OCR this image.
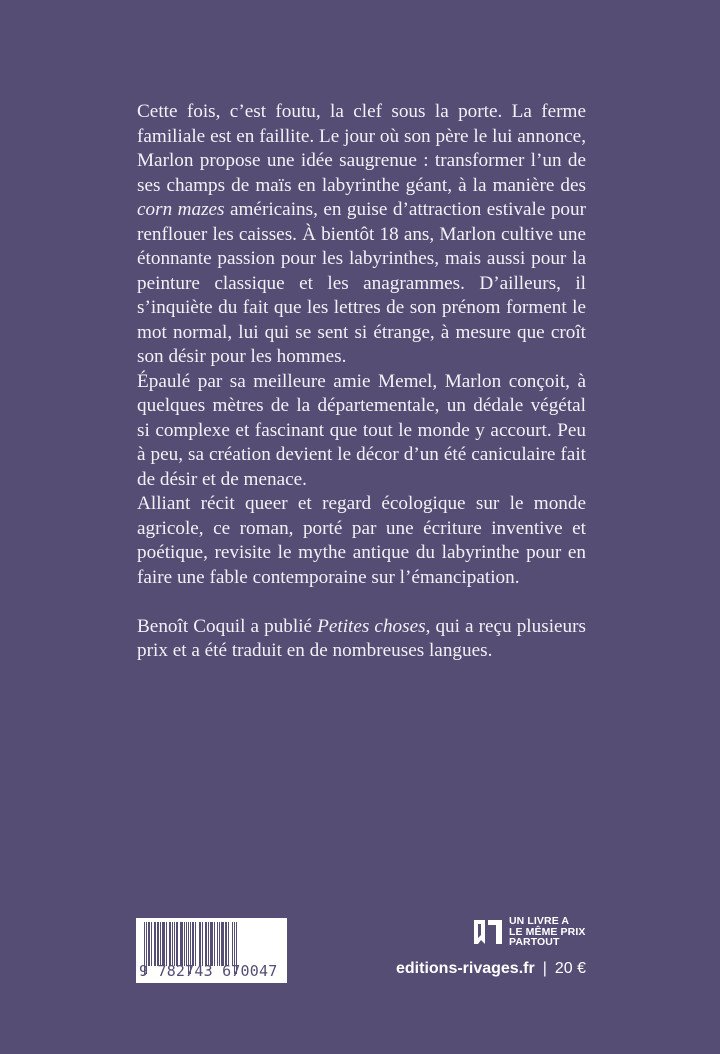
Cette fois, c’est foutu, la clef sous la porte. La ferme familiale est en faillite. Le jour où son père le lui annonce, Marlon propose une idée saugrenue : transformer l’un de ses champs de maïs en labyrinthe géant, à la manière des corn mazes américains, en guise d’attraction estivale pour renflouer les caisses. À bientôt 18 ans, Marlon cultive une étonnante passion pour les labyrinthes, mais aussi pour la peinture classique et les anagrammes. D’ailleurs, il s’inquiète du fait que les lettres de son prénom forment le mot normal, lui qui se sent si étrange, à mesure que croît son désir pour les hommes.

Épaulé par sa meilleure amie Memel, Marlon conçoit, à quelques mètres de la départementale, un dédale végétal si complexe et fascinant que tout le monde y accourt. Peu à peu, sa création devient le décor d’un été caniculaire fait de désir et de menace.

Alliant récit queer et regard écologique sur le monde agricole, ce roman, porté par une écriture inventive et poétique, revisite le mythe antique du labyrinthe pour en faire une fable contemporaine sur l’émancipation.

Benoît Coquil a publié Petites choses, qui a reçu plusieurs prix et a été traduit en de nombreuses langues.

9 782743 670047
UN LIVRE A
LE MÊME PRIX
PARTOUT
editions-rivages.fr | 20 €
